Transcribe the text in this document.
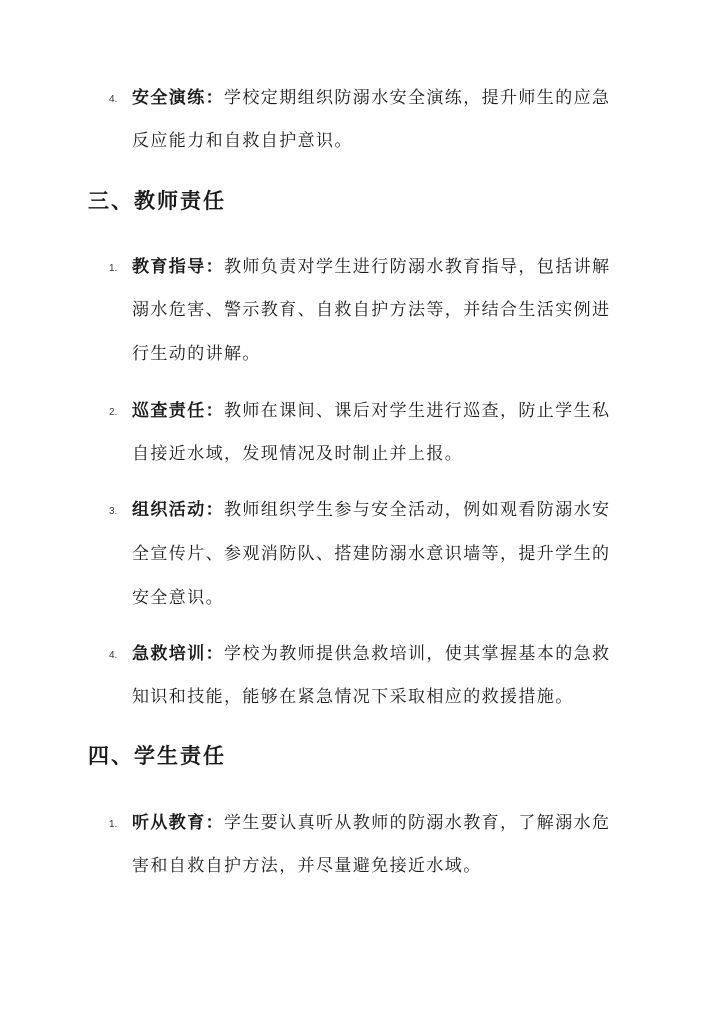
4. 安全演练：学校定期组织防溺水安全演练，提升师生的应急
反应能力和自救自护意识。
三、教师责任
1. 教育指导：教师负责对学生进行防溺水教育指导，包括讲解
溺水危害、警示教育、自救自护方法等，并结合生活实例进
行生动的讲解。
2. 巡查责任：教师在课间、课后对学生进行巡查，防止学生私
自接近水域，发现情况及时制止并上报。
3. 组织活动：教师组织学生参与安全活动，例如观看防溺水安
全宣传片、参观消防队、搭建防溺水意识墙等，提升学生的
安全意识。
4. 急救培训：学校为教师提供急救培训，使其掌握基本的急救
知识和技能，能够在紧急情况下采取相应的救援措施。
四、学生责任
1. 听从教育：学生要认真听从教师的防溺水教育，了解溺水危
害和自救自护方法，并尽量避免接近水域。
